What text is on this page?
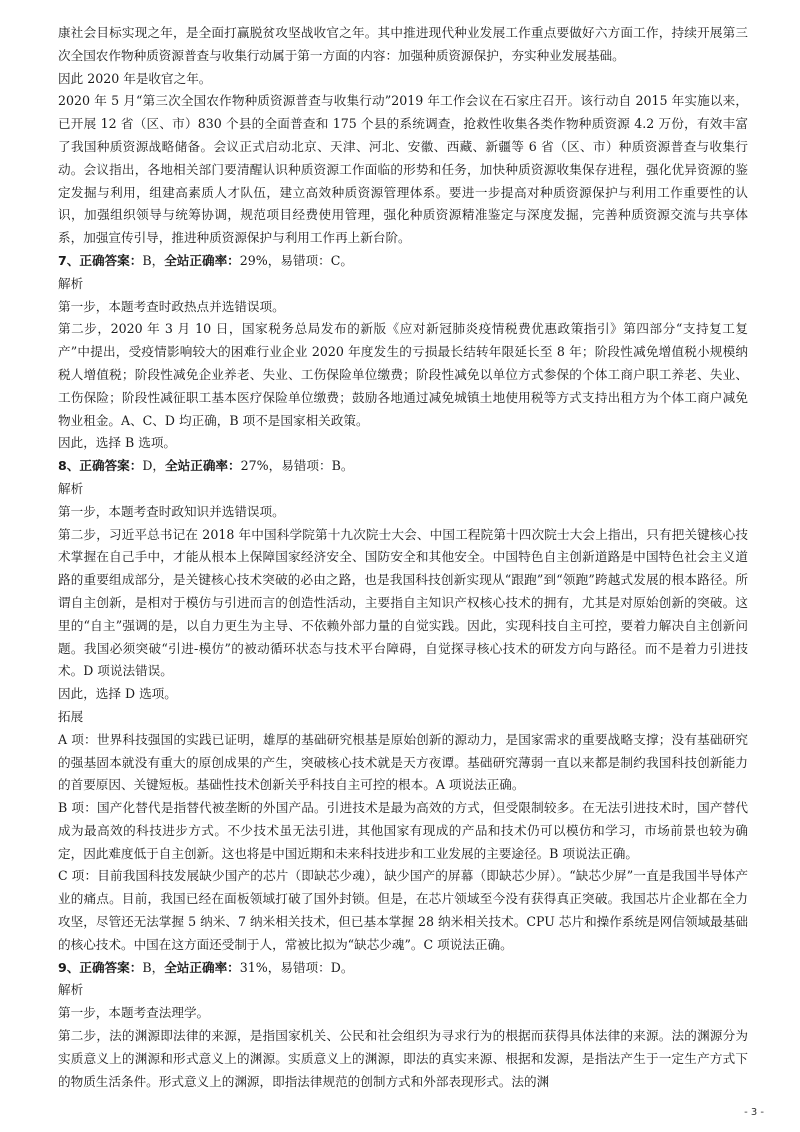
康社会目标实现之年，是全面打赢脱贫攻坚战收官之年。其中推进现代种业发展工作重点要做好六方面工作，持续开展第三次全国农作物种质资源普查与收集行动属于第一方面的内容：加强种质资源保护，夯实种业发展基础。

因此 2020 年是收官之年。

2020 年 5 月“第三次全国农作物种质资源普查与收集行动”2019 年工作会议在石家庄召开。该行动自 2015 年实施以来，已开展 12 省（区、市）830 个县的全面普查和 175 个县的系统调查，抢救性收集各类作物种质资源 4.2 万份，有效丰富了我国种质资源战略储备。会议正式启动北京、天津、河北、安徽、西藏、新疆等 6 省（区、市）种质资源普查与收集行动。会议指出，各地相关部门要清醒认识种质资源工作面临的形势和任务，加快种质资源收集保存进程，强化优异资源的鉴定发掘与利用，组建高素质人才队伍，建立高效种质资源管理体系。要进一步提高对种质资源保护与利用工作重要性的认识，加强组织领导与统筹协调，规范项目经费使用管理，强化种质资源精准鉴定与深度发掘，完善种质资源交流与共享体系，加强宣传引导，推进种质资源保护与利用工作再上新台阶。

7、正确答案：B，全站正确率：29%，易错项：C。

解析

第一步，本题考查时政热点并选错误项。

第二步，2020 年 3 月 10 日，国家税务总局发布的新版《应对新冠肺炎疫情税费优惠政策指引》第四部分“支持复工复产”中提出，受疫情影响较大的困难行业企业 2020 年度发生的亏损最长结转年限延长至 8 年；阶段性减免增值税小规模纳税人增值税；阶段性减免企业养老、失业、工伤保险单位缴费；阶段性减免以单位方式参保的个体工商户职工养老、失业、工伤保险；阶段性减征职工基本医疗保险单位缴费；鼓励各地通过减免城镇土地使用税等方式支持出租方为个体工商户减免物业租金。A、C、D 均正确，B 项不是国家相关政策。

因此，选择 B 选项。

8、正确答案：D，全站正确率：27%，易错项：B。

解析

第一步，本题考查时政知识并选错误项。

第二步，习近平总书记在 2018 年中国科学院第十九次院士大会、中国工程院第十四次院士大会上指出，只有把关键核心技术掌握在自己手中，才能从根本上保障国家经济安全、国防安全和其他安全。中国特色自主创新道路是中国特色社会主义道路的重要组成部分，是关键核心技术突破的必由之路，也是我国科技创新实现从“跟跑”到“领跑”跨越式发展的根本路径。所谓自主创新，是相对于模仿与引进而言的创造性活动，主要指自主知识产权核心技术的拥有，尤其是对原始创新的突破。这里的“自主”强调的是，以自力更生为主导、不依赖外部力量的自觉实践。因此，实现科技自主可控，要着力解决自主创新问题。我国必须突破“引进-模仿”的被动循环状态与技术平台障碍，自觉探寻核心技术的研发方向与路径。而不是着力引进技术。D 项说法错误。

因此，选择 D 选项。

拓展

A 项：世界科技强国的实践已证明，雄厚的基础研究根基是原始创新的源动力，是国家需求的重要战略支撑；没有基础研究的强基固本就没有重大的原创成果的产生，突破核心技术就是天方夜谭。基础研究薄弱一直以来都是制约我国科技创新能力的首要原因、关键短板。基础性技术创新关乎科技自主可控的根本。A 项说法正确。

B 项：国产化替代是指替代被垄断的外国产品。引进技术是最为高效的方式，但受限制较多。在无法引进技术时，国产替代成为最高效的科技进步方式。不少技术虽无法引进，其他国家有现成的产品和技术仍可以模仿和学习，市场前景也较为确定，因此难度低于自主创新。这也将是中国近期和未来科技进步和工业发展的主要途径。B 项说法正确。

C 项：目前我国科技发展缺少国产的芯片（即缺芯少魂），缺少国产的屏幕（即缺芯少屏）。“缺芯少屏”一直是我国半导体产业的痛点。目前，我国已经在面板领域打破了国外封锁。但是，在芯片领域至今没有获得真正突破。我国芯片企业都在全力攻坚，尽管还无法掌握 5 纳米、7 纳米相关技术，但已基本掌握 28 纳米相关技术。CPU 芯片和操作系统是网信领域最基础的核心技术。中国在这方面还受制于人，常被比拟为“缺芯少魂”。C 项说法正确。

9、正确答案：B，全站正确率：31%，易错项：D。

解析

第一步，本题考查法理学。

第二步，法的渊源即法律的来源，是指国家机关、公民和社会组织为寻求行为的根据而获得具体法律的来源。法的渊源分为实质意义上的渊源和形式意义上的渊源。实质意义上的渊源，即法的真实来源、根据和发源，是指法产生于一定生产方式下的物质生活条件。形式意义上的渊源，即指法律规范的创制方式和外部表现形式。法的渊

- 3 -
